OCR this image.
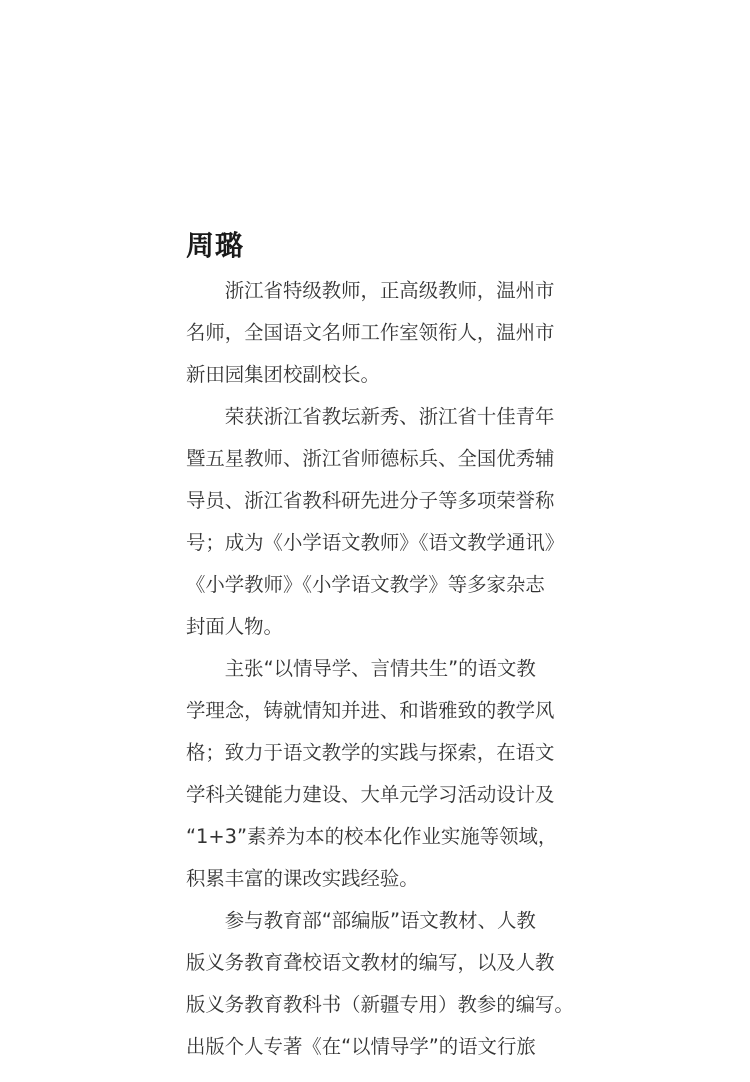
周璐
浙江省特级教师，正高级教师，温州市
名师，全国语文名师工作室领衔人，温州市
新田园集团校副校长。
荣获浙江省教坛新秀、浙江省十佳青年
暨五星教师、浙江省师德标兵、全国优秀辅
导员、浙江省教科研先进分子等多项荣誉称
号；成为《小学语文教师》《语文教学通讯》
《小学教师》《小学语文教学》等多家杂志
封面人物。
主张“以情导学、言情共生”的语文教
学理念，铸就情知并进、和谐雅致的教学风
格；致力于语文教学的实践与探索，在语文
学科关键能力建设、大单元学习活动设计及
“1+3”素养为本的校本化作业实施等领域，
积累丰富的课改实践经验。
参与教育部“部编版”语文教材、人教
版义务教育聋校语文教材的编写，以及人教
版义务教育教科书（新疆专用）教参的编写。
出版个人专著《在“以情导学”的语文行旅
